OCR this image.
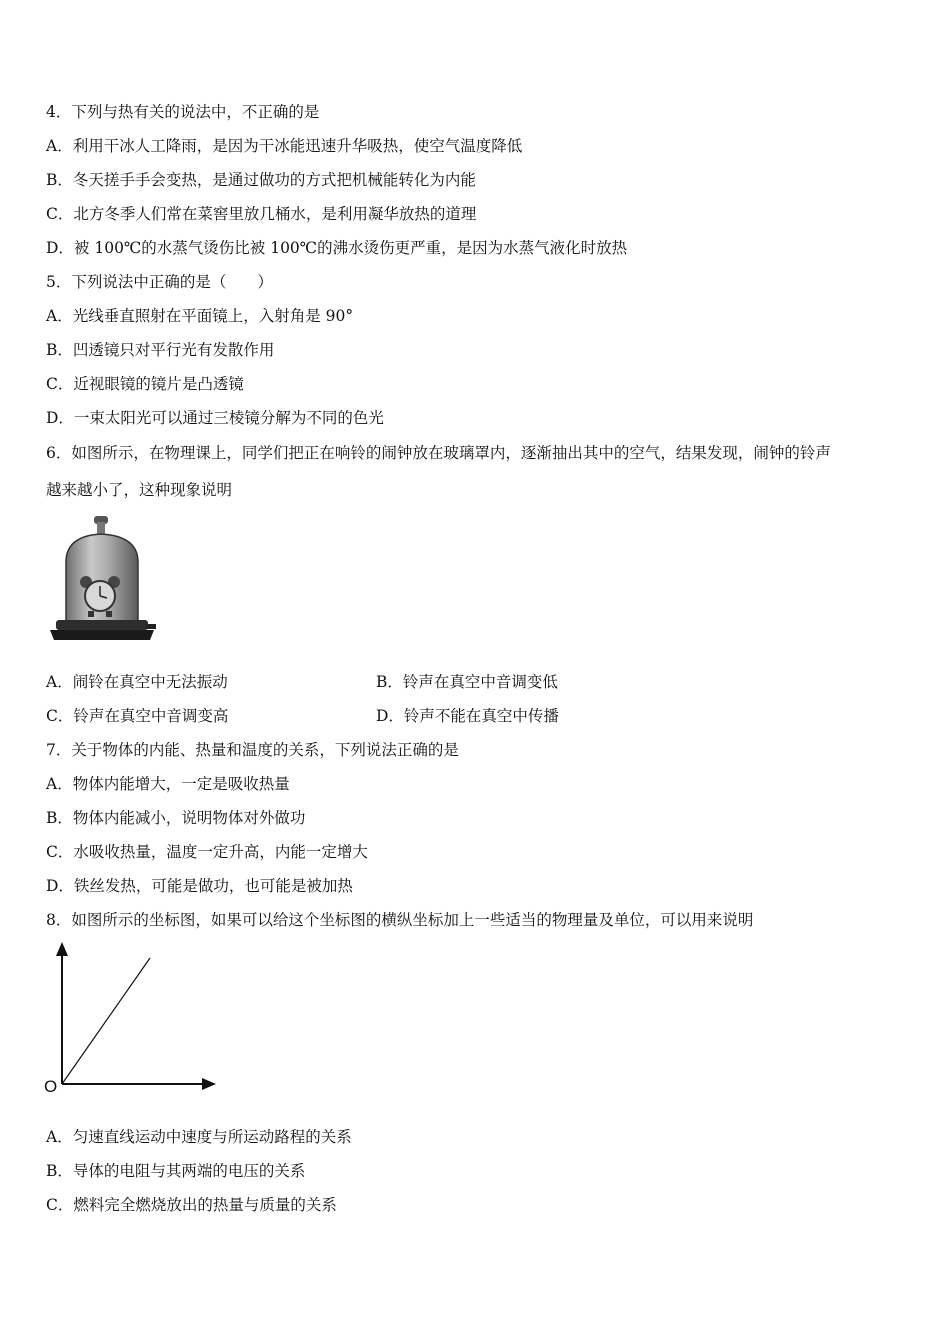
4．下列与热有关的说法中，不正确的是
A．利用干冰人工降雨，是因为干冰能迅速升华吸热，使空气温度降低
B．冬天搓手手会变热，是通过做功的方式把机械能转化为内能
C．北方冬季人们常在菜窖里放几桶水，是利用凝华放热的道理
D．被 100℃的水蒸气烫伤比被 100℃的沸水烫伤更严重，是因为水蒸气液化时放热
5．下列说法中正确的是（　　）
A．光线垂直照射在平面镜上，入射角是 90°
B．凹透镜只对平行光有发散作用
C．近视眼镜的镜片是凸透镜
D．一束太阳光可以通过三棱镜分解为不同的色光
6．如图所示，在物理课上，同学们把正在响铃的闹钟放在玻璃罩内，逐渐抽出其中的空气，结果发现，闹钟的铃声
越来越小了，这种现象说明
A．闹铃在真空中无法振动	B．铃声在真空中音调变低
C．铃声在真空中音调变高	D．铃声不能在真空中传播
7．关于物体的内能、热量和温度的关系，下列说法正确的是
A．物体内能增大，一定是吸收热量
B．物体内能减小，说明物体对外做功
C．水吸收热量，温度一定升高，内能一定增大
D．铁丝发热，可能是做功，也可能是被加热
8．如图所示的坐标图，如果可以给这个坐标图的横纵坐标加上一些适当的物理量及单位，可以用来说明
O
A．匀速直线运动中速度与所运动路程的关系
B．导体的电阻与其两端的电压的关系
C．燃料完全燃烧放出的热量与质量的关系
